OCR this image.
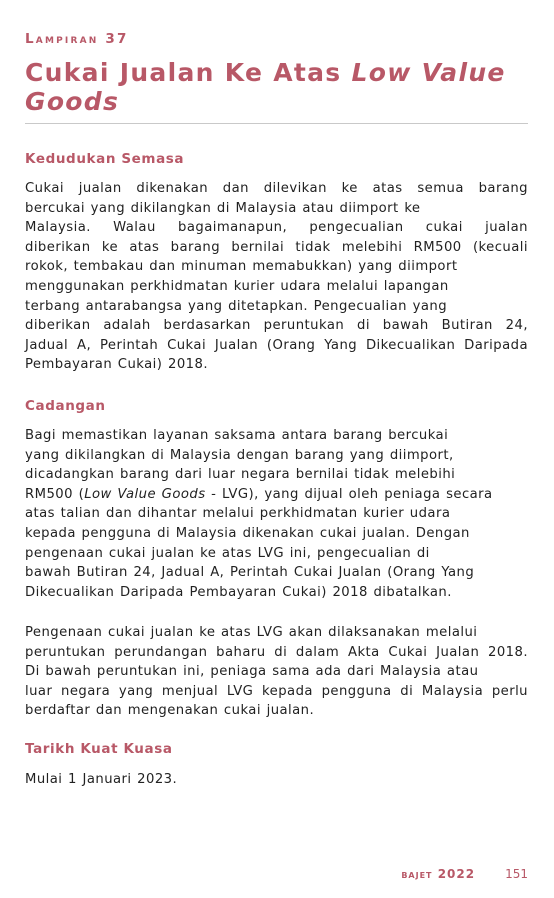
Lampiran 37
Cukai Jualan Ke Atas Low Value Goods
Kedudukan Semasa
Cukai jualan dikenakan dan dilevikan ke atas semua barang
bercukai yang dikilangkan di Malaysia atau diimport ke
Malaysia. Walau bagaimanapun, pengecualian cukai jualan
diberikan ke atas barang bernilai tidak melebihi RM500 (kecuali
rokok, tembakau dan minuman memabukkan) yang diimport
menggunakan perkhidmatan kurier udara melalui lapangan
terbang antarabangsa yang ditetapkan. Pengecualian yang
diberikan adalah berdasarkan peruntukan di bawah Butiran 24,
Jadual A, Perintah Cukai Jualan (Orang Yang Dikecualikan Daripada
Pembayaran Cukai) 2018.
Cadangan
Bagi memastikan layanan saksama antara barang bercukai
yang dikilangkan di Malaysia dengan barang yang diimport,
dicadangkan barang dari luar negara bernilai tidak melebihi
RM500 (Low Value Goods - LVG), yang dijual oleh peniaga secara
atas talian dan dihantar melalui perkhidmatan kurier udara
kepada pengguna di Malaysia dikenakan cukai jualan. Dengan
pengenaan cukai jualan ke atas LVG ini, pengecualian di
bawah Butiran 24, Jadual A, Perintah Cukai Jualan (Orang Yang
Dikecualikan Daripada Pembayaran Cukai) 2018 dibatalkan.
Pengenaan cukai jualan ke atas LVG akan dilaksanakan melalui
peruntukan perundangan baharu di dalam Akta Cukai Jualan 2018.
Di bawah peruntukan ini, peniaga sama ada dari Malaysia atau
luar negara yang menjual LVG kepada pengguna di Malaysia perlu
berdaftar dan mengenakan cukai jualan.
Tarikh Kuat Kuasa
Mulai 1 Januari 2023.
bajet 2022	151
